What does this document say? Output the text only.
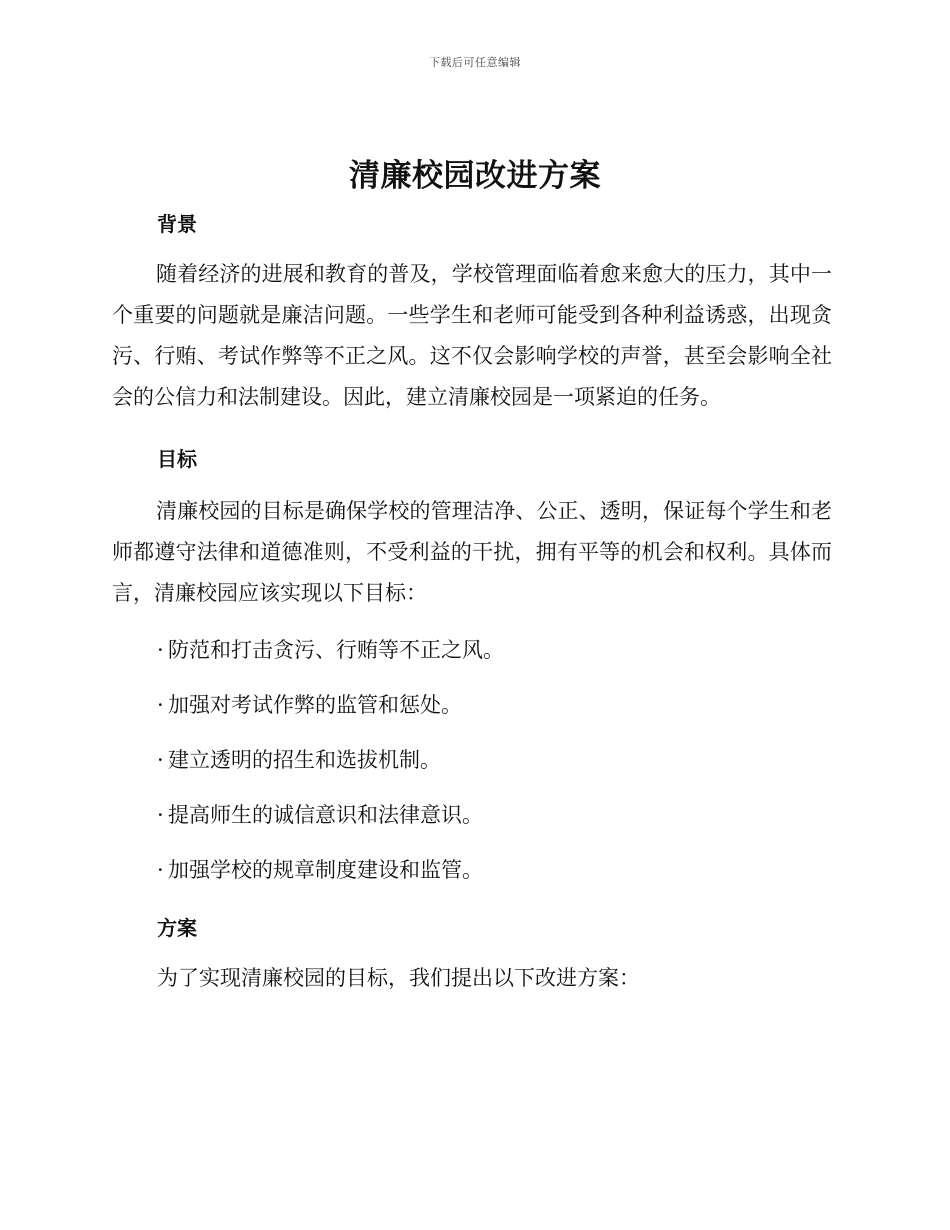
下载后可任意编辑
清廉校园改进方案
背景

随着经济的进展和教育的普及，学校管理面临着愈来愈大的压力，其中一个重要的问题就是廉洁问题。一些学生和老师可能受到各种利益诱惑，出现贪污、行贿、考试作弊等不正之风。这不仅会影响学校的声誉，甚至会影响全社会的公信力和法制建设。因此，建立清廉校园是一项紧迫的任务。

目标

清廉校园的目标是确保学校的管理洁净、公正、透明，保证每个学生和老师都遵守法律和道德准则，不受利益的干扰，拥有平等的机会和权利。具体而言，清廉校园应该实现以下目标：

· 防范和打击贪污、行贿等不正之风。
· 加强对考试作弊的监管和惩处。
· 建立透明的招生和选拔机制。
· 提高师生的诚信意识和法律意识。
· 加强学校的规章制度建设和监管。
方案

为了实现清廉校园的目标，我们提出以下改进方案：
